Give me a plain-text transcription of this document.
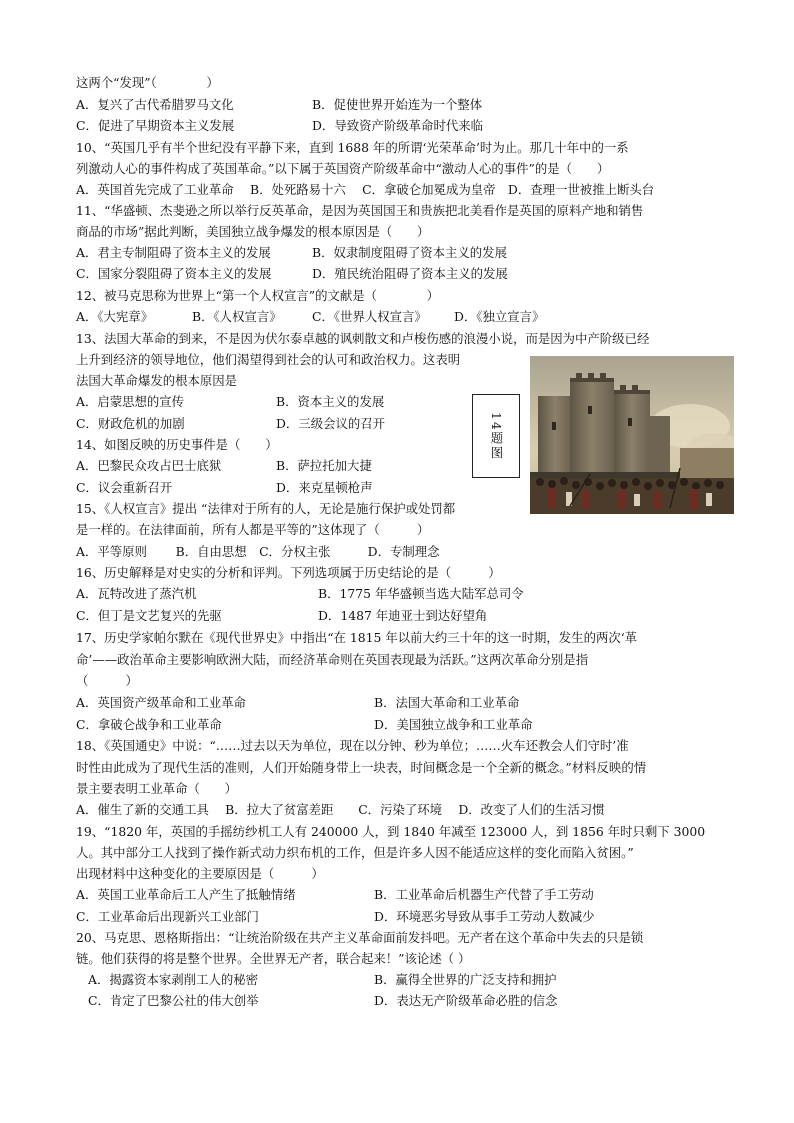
这两个“发现”（　　　　）
A．复兴了古代希腊罗马文化	B．促使世界开始连为一个整体
C．促进了早期资本主义发展	D．导致资产阶级革命时代来临
10、“英国几乎有半个世纪没有平静下来，直到 1688 年的所谓‘光荣革命’时为止。那几十年中的一系
列激动人心的事件构成了英国革命。”以下属于英国资产阶级革命中“激动人心的事件”的是（　　）
A．英国首先完成了工业革命　 B．处死路易十六　 C．拿破仑加冕成为皇帝　D．查理一世被推上断头台
11、“华盛顿、杰斐逊之所以举行反英革命，是因为英国国王和贵族把北美看作是英国的原料产地和销售
商品的市场”据此判断，美国独立战争爆发的根本原因是（　　）
A．君主专制阻碍了资本主义的发展	B．奴隶制度阻碍了资本主义的发展
C．国家分裂阻碍了资本主义的发展	D．殖民统治阻碍了资本主义的发展
12、被马克思称为世界上“第一个人权宣言”的文献是（　　　　）
A．《大宪章》	B．《人权宣言》 C．《世界人权宣言》 D．《独立宣言》
13、法国大革命的到来，不是因为伏尔泰卓越的讽刺散文和卢梭伤感的浪漫小说，而是因为中产阶级已经
上升到经济的领导地位，他们渴望得到社会的认可和政治权力。这表明
法国大革命爆发的根本原因是
A．启蒙思想的宣传	B．资本主义的发展
C．财政危机的加剧	D．三级会议的召开	14题图
14、如图反映的历史事件是（　　）
A．巴黎民众攻占巴士底狱	B．萨拉托加大捷
C．议会重新召开	D．来克星顿枪声
15、《人权宣言》提出 “法律对于所有的人，无论是施行保护或处罚都
是一样的。在法律面前，所有人都是平等的”这体现了（　　　）
A．平等原则　　 B．自由思想　C．分权主张　　　D．专制理念
16、历史解释是对史实的分析和评判。下列选项属于历史结论的是（　　　）
A．瓦特改进了蒸汽机	B．1775 年华盛顿当选大陆军总司令
C．但丁是文艺复兴的先驱	D．1487 年迪亚士到达好望角
17、历史学家帕尔默在《现代世界史》中指出“在 1815 年以前大约三十年的这一时期，发生的两次‘革
命’——政治革命主要影响欧洲大陆，而经济革命则在英国表现最为活跃。”这两次革命分别是指
（　　　）
A．英国资产级革命和工业革命	B．法国大革命和工业革命
C．拿破仑战争和工业革命	D．美国独立战争和工业革命
18、《英国通史》中说：“……过去以天为单位，现在以分钟、秒为单位；……火车还教会人们守时’准
时性由此成为了现代生活的准则，人们开始随身带上一块表，时间概念是一个全新的概念。”材料反映的情
景主要表明工业革命（　　）
A．催生了新的交通工具　 B．拉大了贫富差距　　C．污染了环境　 D．改变了人们的生活习惯
19、“1820 年，英国的手摇纺纱机工人有 240000 人，到 1840 年减至 123000 人，到 1856 年时只剩下 3000
人。其中部分工人找到了操作新式动力织布机的工作，但是许多人因不能适应这样的变化而陷入贫困。”
出现材料中这种变化的主要原因是（　　　）
A．英国工业革命后工人产生了抵触情绪	B．工业革命后机器生产代替了手工劳动
C．工业革命后出现新兴工业部门	D．环境恶劣导致从事手工劳动人数减少
20、马克思、恩格斯指出：“让统治阶级在共产主义革命面前发抖吧。无产者在这个革命中失去的只是锁
链。他们获得的将是整个世界。全世界无产者，联合起来！”该论述（ ）
A．揭露资本家剥削工人的秘密	B．赢得全世界的广泛支持和拥护
C．肯定了巴黎公社的伟大创举	D．表达无产阶级革命必胜的信念
